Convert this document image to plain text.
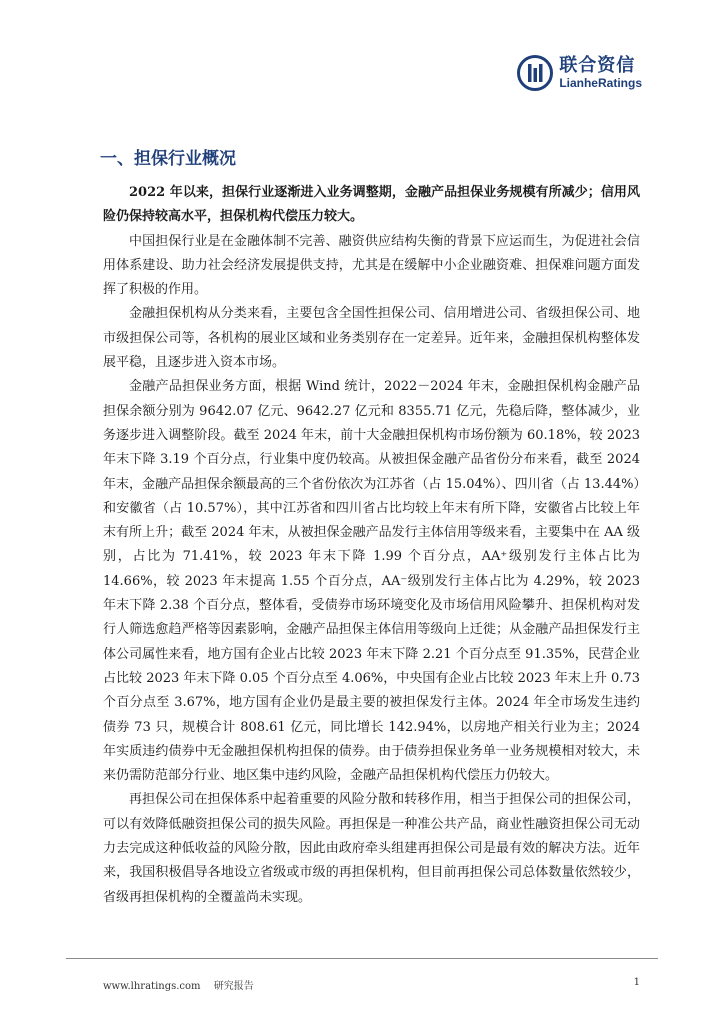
联合资信
LianheRatings
一、担保行业概况

2022 年以来，担保行业逐渐进入业务调整期，金融产品担保业务规模有所减少；信用风险仍保持较高水平，担保机构代偿压力较大。

中国担保行业是在金融体制不完善、融资供应结构失衡的背景下应运而生，为促进社会信用体系建设、助力社会经济发展提供支持，尤其是在缓解中小企业融资难、担保难问题方面发挥了积极的作用。

金融担保机构从分类来看，主要包含全国性担保公司、信用增进公司、省级担保公司、地市级担保公司等，各机构的展业区域和业务类别存在一定差异。近年来，金融担保机构整体发展平稳，且逐步进入资本市场。

金融产品担保业务方面，根据 Wind 统计，2022－2024 年末，金融担保机构金融产品担保余额分别为 9642.07 亿元、9642.27 亿元和 8355.71 亿元，先稳后降，整体减少，业务逐步进入调整阶段。截至 2024 年末，前十大金融担保机构市场份额为 60.18%，较 2023 年末下降 3.19 个百分点，行业集中度仍较高。从被担保金融产品省份分布来看，截至 2024 年末，金融产品担保余额最高的三个省份依次为江苏省（占 15.04%）、四川省（占 13.44%）和安徽省（占 10.57%），其中江苏省和四川省占比均较上年末有所下降，安徽省占比较上年末有所上升；截至 2024 年末，从被担保金融产品发行主体信用等级来看，主要集中在 AA 级别，占比为 71.41%，较 2023 年末下降 1.99 个百分点，AA⁺级别发行主体占比为 14.66%，较 2023 年末提高 1.55 个百分点，AA⁻级别发行主体占比为 4.29%，较 2023 年末下降 2.38 个百分点，整体看，受债券市场环境变化及市场信用风险攀升、担保机构对发行人筛选愈趋严格等因素影响，金融产品担保主体信用等级向上迁徙；从金融产品担保发行主体公司属性来看，地方国有企业占比较 2023 年末下降 2.21 个百分点至 91.35%，民营企业占比较 2023 年末下降 0.05 个百分点至 4.06%，中央国有企业占比较 2023 年末上升 0.73 个百分点至 3.67%，地方国有企业仍是最主要的被担保发行主体。2024 年全市场发生违约债券 73 只，规模合计 808.61 亿元，同比增长 142.94%，以房地产相关行业为主；2024 年实质违约债券中无金融担保机构担保的债券。由于债券担保业务单一业务规模相对较大，未来仍需防范部分行业、地区集中违约风险，金融产品担保机构代偿压力仍较大。

再担保公司在担保体系中起着重要的风险分散和转移作用，相当于担保公司的担保公司，可以有效降低融资担保公司的损失风险。再担保是一种准公共产品，商业性融资担保公司无动力去完成这种低收益的风险分散，因此由政府牵头组建再担保公司是最有效的解决方法。近年来，我国积极倡导各地设立省级或市级的再担保机构，但目前再担保公司总体数量依然较少，省级再担保机构的全覆盖尚未实现。

www.lhratings.com 研究报告	1
